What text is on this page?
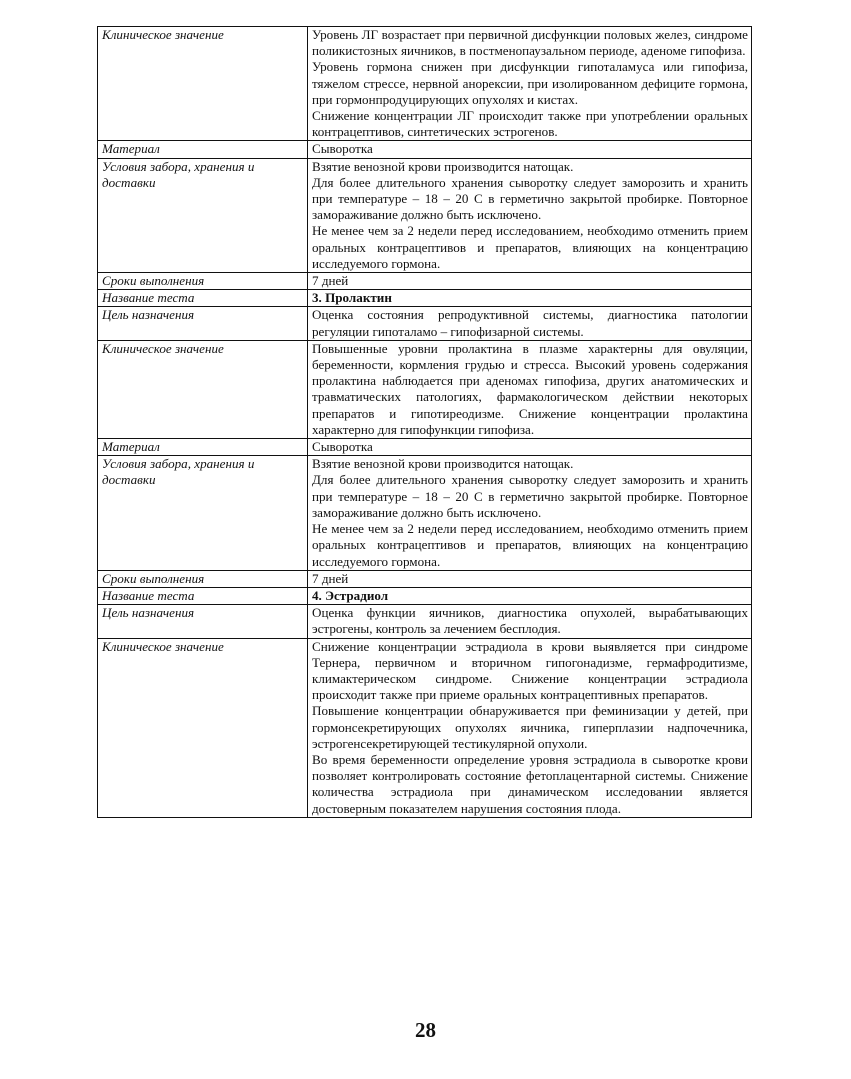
Клиническое значение	Уровень ЛГ возрастает при первичной дисфункции половых желез, синдроме поликистозных яичников, в постменопаузальном периоде, аденоме гипофиза.

Уровень гормона снижен при дисфункции гипоталамуса или гипофиза, тяжелом стрессе, нервной анорексии, при изолированном дефиците гормона, при гормонпродуцирующих опухолях и кистах.

Снижение концентрации ЛГ происходит также при употреблении оральных контрацептивов, синтетических эстрогенов.

Материал	Сыворотка

Условия забора, хранения и доставки	Взятие венозной крови производится натощак.

Для более длительного хранения сыворотку следует заморозить и хранить при температуре – 18 – 20 С в герметично закрытой пробирке. Повторное замораживание должно быть исключено.

Не менее чем за 2 недели перед исследованием, необходимо отменить прием оральных контрацептивов и препаратов, влияющих на концентрацию исследуемого гормона.

Сроки выполнения	7 дней

Название теста	3. Пролактин

Цель назначения	Оценка состояния репродуктивной системы, диагностика патологии регуляции гипоталамо – гипофизарной системы.

Клиническое значение	Повышенные уровни пролактина в плазме характерны для овуляции, беременности, кормления грудью и стресса. Высокий уровень содержания пролактина наблюдается при аденомах гипофиза, других анатомических и травматических патологиях, фармакологическом действии некоторых препаратов и гипотиреодизме. Снижение концентрации пролактина характерно для гипофункции гипофиза.

Материал	Сыворотка

Условия забора, хранения и доставки	Взятие венозной крови производится натощак.

Для более длительного хранения сыворотку следует заморозить и хранить при температуре – 18 – 20 С в герметично закрытой пробирке. Повторное замораживание должно быть исключено.

Не менее чем за 2 недели перед исследованием, необходимо отменить прием оральных контрацептивов и препаратов, влияющих на концентрацию исследуемого гормона.

Сроки выполнения	7 дней

Название теста	4. Эстрадиол

Цель назначения	Оценка функции яичников, диагностика опухолей, вырабатывающих эстрогены, контроль за лечением бесплодия.

Клиническое значение	Снижение концентрации эстрадиола в крови выявляется при синдроме Тернера, первичном и вторичном гипогонадизме, гермафродитизме, климактерическом синдроме. Снижение концентрации эстрадиола происходит также при приеме оральных контрацептивных препаратов.

Повышение концентрации обнаруживается при феминизации у детей, при гормонсекретирующих опухолях яичника, гиперплазии надпочечника, эстрогенсекретирующей тестикулярной опухоли.

Во время беременности определение уровня эстрадиола в сыворотке крови позволяет контролировать состояние фетоплацентарной системы. Снижение количества эстрадиола при динамическом исследовании является достоверным показателем нарушения состояния плода.

28
